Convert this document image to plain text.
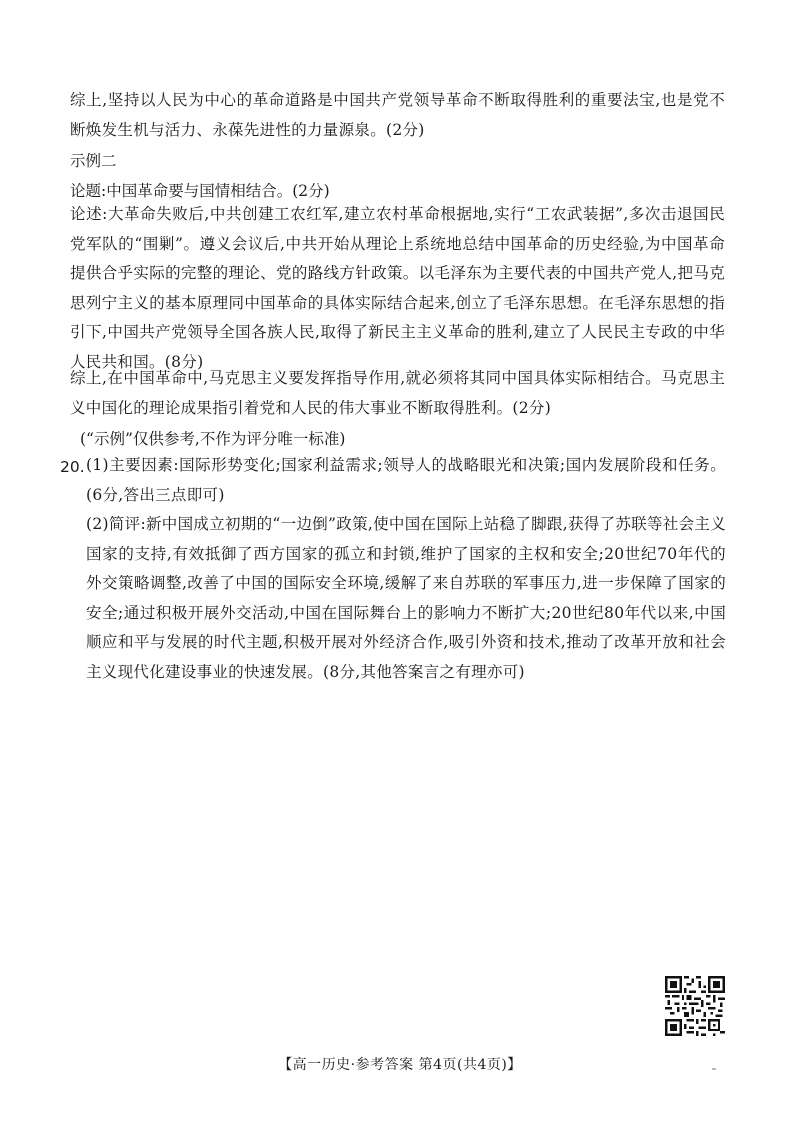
综上,坚持以人民为中心的革命道路是中国共产党领导革命不断取得胜利的重要法宝,也是党不断焕发生机与活力、永葆先进性的力量源泉。(2分)
示例二
论题:中国革命要与国情相结合。(2分)
论述:大革命失败后,中共创建工农红军,建立农村革命根据地,实行“工农武装据”,多次击退国民党军队的“围剿”。遵义会议后,中共开始从理论上系统地总结中国革命的历史经验,为中国革命提供合乎实际的完整的理论、党的路线方针政策。以毛泽东为主要代表的中国共产党人,把马克思列宁主义的基本原理同中国革命的具体实际结合起来,创立了毛泽东思想。在毛泽东思想的指引下,中国共产党领导全国各族人民,取得了新民主主义革命的胜利,建立了人民民主专政的中华人民共和国。(8分)
综上,在中国革命中,马克思主义要发挥指导作用,就必须将其同中国具体实际相结合。马克思主义中国化的理论成果指引着党和人民的伟大事业不断取得胜利。(2分)
(“示例”仅供参考,不作为评分唯一标准)
20. (1)主要因素:国际形势变化;国家利益需求;领导人的战略眼光和决策;国内发展阶段和任务。(6分,答出三点即可)
(2)简评:新中国成立初期的“一边倒”政策,使中国在国际上站稳了脚跟,获得了苏联等社会主义国家的支持,有效抵御了西方国家的孤立和封锁,维护了国家的主权和安全;20世纪70年代的外交策略调整,改善了中国的国际安全环境,缓解了来自苏联的军事压力,进一步保障了国家的安全;通过积极开展外交活动,中国在国际舞台上的影响力不断扩大;20世纪80年代以来,中国顺应和平与发展的时代主题,积极开展对外经济合作,吸引外资和技术,推动了改革开放和社会主义现代化建设事业的快速发展。(8分,其他答案言之有理亦可)
【高一历史·参考答案 第4页(共4页)】
